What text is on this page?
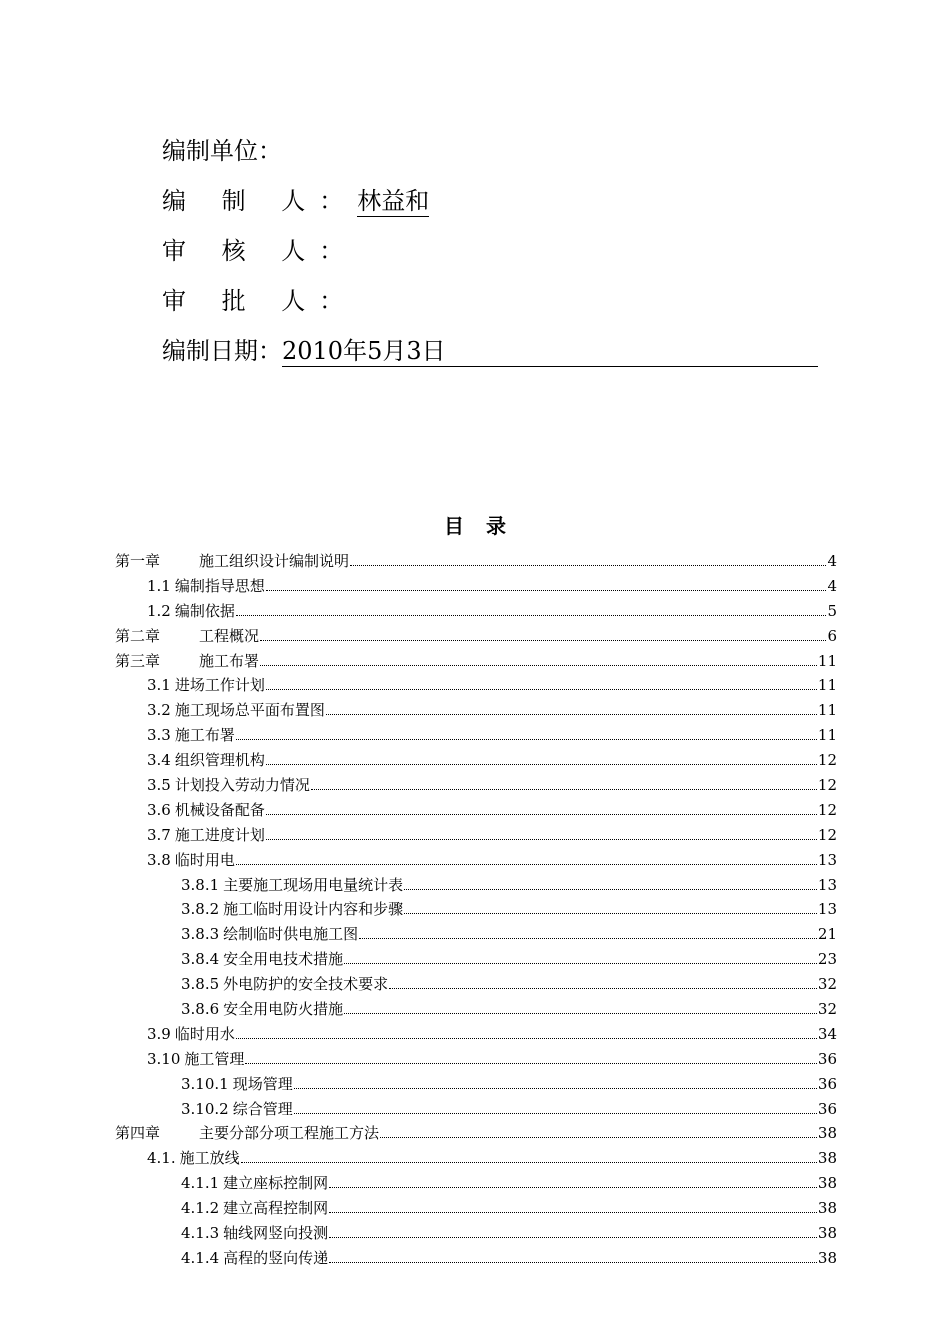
编制单位：
编 制 人：林益和
审 核 人：
审 批 人：
编制日期：2010年5月3日
目录
第一章	施工组织设计编制说明	4
1.1 编制指导思想	4
1.2 编制依据	5
第二章	工程概况	6
第三章	施工布署	11
3.1 进场工作计划	11
3.2 施工现场总平面布置图	11
3.3 施工布署	11
3.4 组织管理机构	12
3.5 计划投入劳动力情况	12
3.6 机械设备配备	12
3.7 施工进度计划	12
3.8 临时用电	13
3.8.1 主要施工现场用电量统计表	13
3.8.2 施工临时用设计内容和步骤	13
3.8.3 绘制临时供电施工图	21
3.8.4 安全用电技术措施	23
3.8.5 外电防护的安全技术要求	32
3.8.6 安全用电防火措施	32
3.9 临时用水	34
3.10 施工管理	36
3.10.1 现场管理	36
3.10.2 综合管理	36
第四章	主要分部分项工程施工方法	38
4.1. 施工放线	38
4.1.1 建立座标控制网	38
4.1.2 建立高程控制网	38
4.1.3 轴线网竖向投测	38
4.1.4 高程的竖向传递	38
